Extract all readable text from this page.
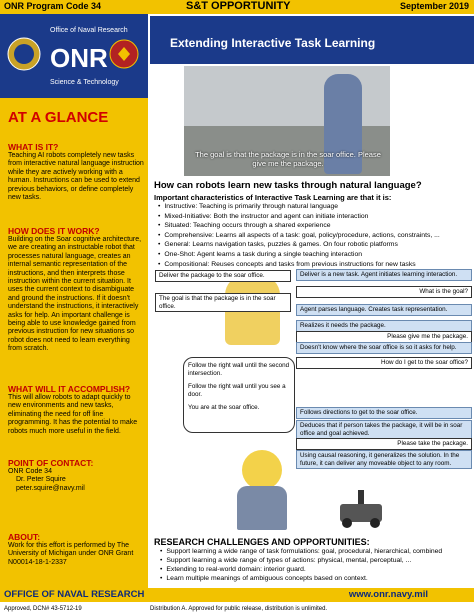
ONR Program Code 34	S&T OPPORTUNITY	September 2019
ONR
Office of Naval Research
Science & Technology
AT A GLANCE
WHAT IS IT?
Teaching AI robots completely new tasks from interactive natural language instruction while they are actively working with a human. Instructions can be used to extend previous behaviors, or define completely new tasks.
HOW DOES IT WORK?
Building on the Soar cognitive architecture, we are creating an instructable robot that processes natural language, creates an internal semantic representation of the instructions, and then interprets those instruction within the current situation. It uses the current context to disambiguate and ground the instructions. If it doesn't understand the instructions, it interactively asks for help. An important challenge is being able to use knowledge gained from previous instruction for new situations so robot does not need to learn everything from scratch.
WHAT WILL IT ACCOMPLISH?
This will allow robots to adapt quickly to new environments and new tasks, eliminating the need for off line programming. It has the potential to make robots much more useful in the field.
POINT OF CONTACT:
ONR Code 34
Dr. Peter Squire
peter.squire@navy.mil
ABOUT:
Work for this effort is performed by The University of Michigan under ONR Grant N00014-18-1-2337
Extending Interactive Task Learning
The goal is that the package is in the soar office. Please give me the package.
How can robots learn new tasks through natural language?
Important characteristics of Interactive Task Learning are that it is:
• Instructive: Teaching is primarily through natural language
• Mixed-Initiative: Both the instructor and agent can initiate interaction
• Situated: Teaching occurs through a shared experience
• Comprehensive: Learns all aspects of a task: goal, policy/procedure, actions, constraints, ...
• General: Learns navigation tasks, puzzles & games. On four robotic platforms
• One-Shot: Agent learns a task during a single teaching interaction
• Compositional: Reuses concepts and tasks from previous instructions for new tasks
Deliver the package to the soar office.
The goal is that the package is in the soar office.
Follow the right wall until the second intersection.
Follow the right wall until you see a door.
You are at the soar office.
Deliver is a new task. Agent initiates learning interaction.
What is the goal?
Agent parses language. Creates task representation.
Realizes it needs the package.
Please give me the package.
Doesn't know where the soar office is so it asks for help.
How do I get to the soar office?
Follows directions to get to the soar office.
Deduces that if person takes the package, it will be in soar office and goal achieved.
Please take the package.
Using causal reasoning, it generalizes the solution. In the future, it can deliver any moveable object to any room.
RESEARCH CHALLENGES AND OPPORTUNITIES:
• Support learning a wide range of task formulations: goal, procedural, hierarchical, combined
• Support learning a wide range of types of actions: physical, mental, perceptual, ...
• Extending to real-world domain: interior guard.
• Learn multiple meanings of ambiguous concepts based on context.
OFFICE OF NAVAL RESEARCH	www.onr.navy.mil
Approved, DCN# 43-5712-19	Distribution A. Approved for public release, distribution is unlimited.
